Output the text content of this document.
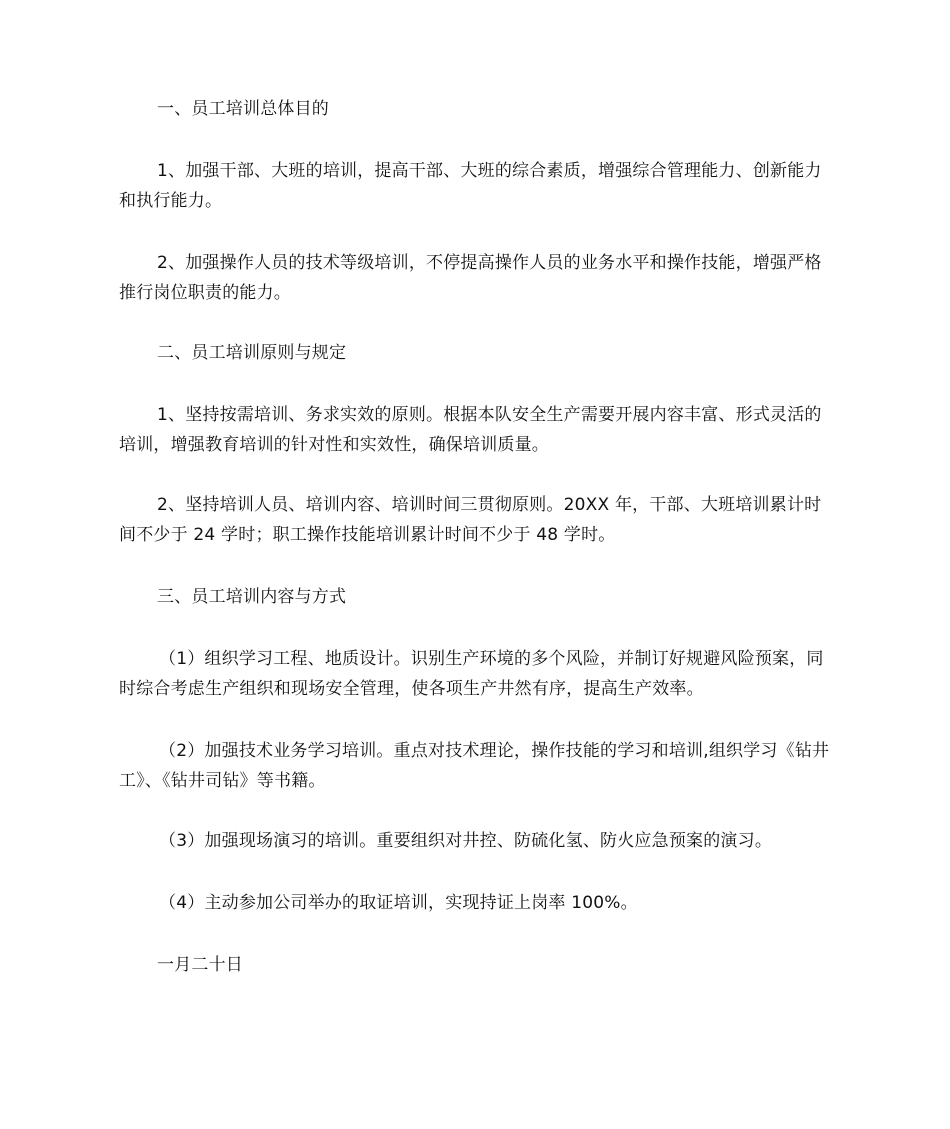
一、员工培训总体目的

1、加强干部、大班的培训，提高干部、大班的综合素质，增强综合管理能力、创新能力和执行能力。

2、加强操作人员的技术等级培训，不停提高操作人员的业务水平和操作技能，增强严格推行岗位职责的能力。

二、员工培训原则与规定

1、坚持按需培训、务求实效的原则。根据本队安全生产需要开展内容丰富、形式灵活的培训，增强教育培训的针对性和实效性，确保培训质量。

2、坚持培训人员、培训内容、培训时间三贯彻原则。20XX 年，干部、大班培训累计时间不少于 24 学时；职工操作技能培训累计时间不少于 48 学时。

三、员工培训内容与方式

（1）组织学习工程、地质设计。识别生产环境的多个风险，并制订好规避风险预案，同时综合考虑生产组织和现场安全管理，使各项生产井然有序，提高生产效率。

（2）加强技术业务学习培训。重点对技术理论，操作技能的学习和培训,组织学习《钻井工》、《钻井司钻》等书籍。

（3）加强现场演习的培训。重要组织对井控、防硫化氢、防火应急预案的演习。

（4）主动参加公司举办的取证培训，实现持证上岗率 100%。

一月二十日
